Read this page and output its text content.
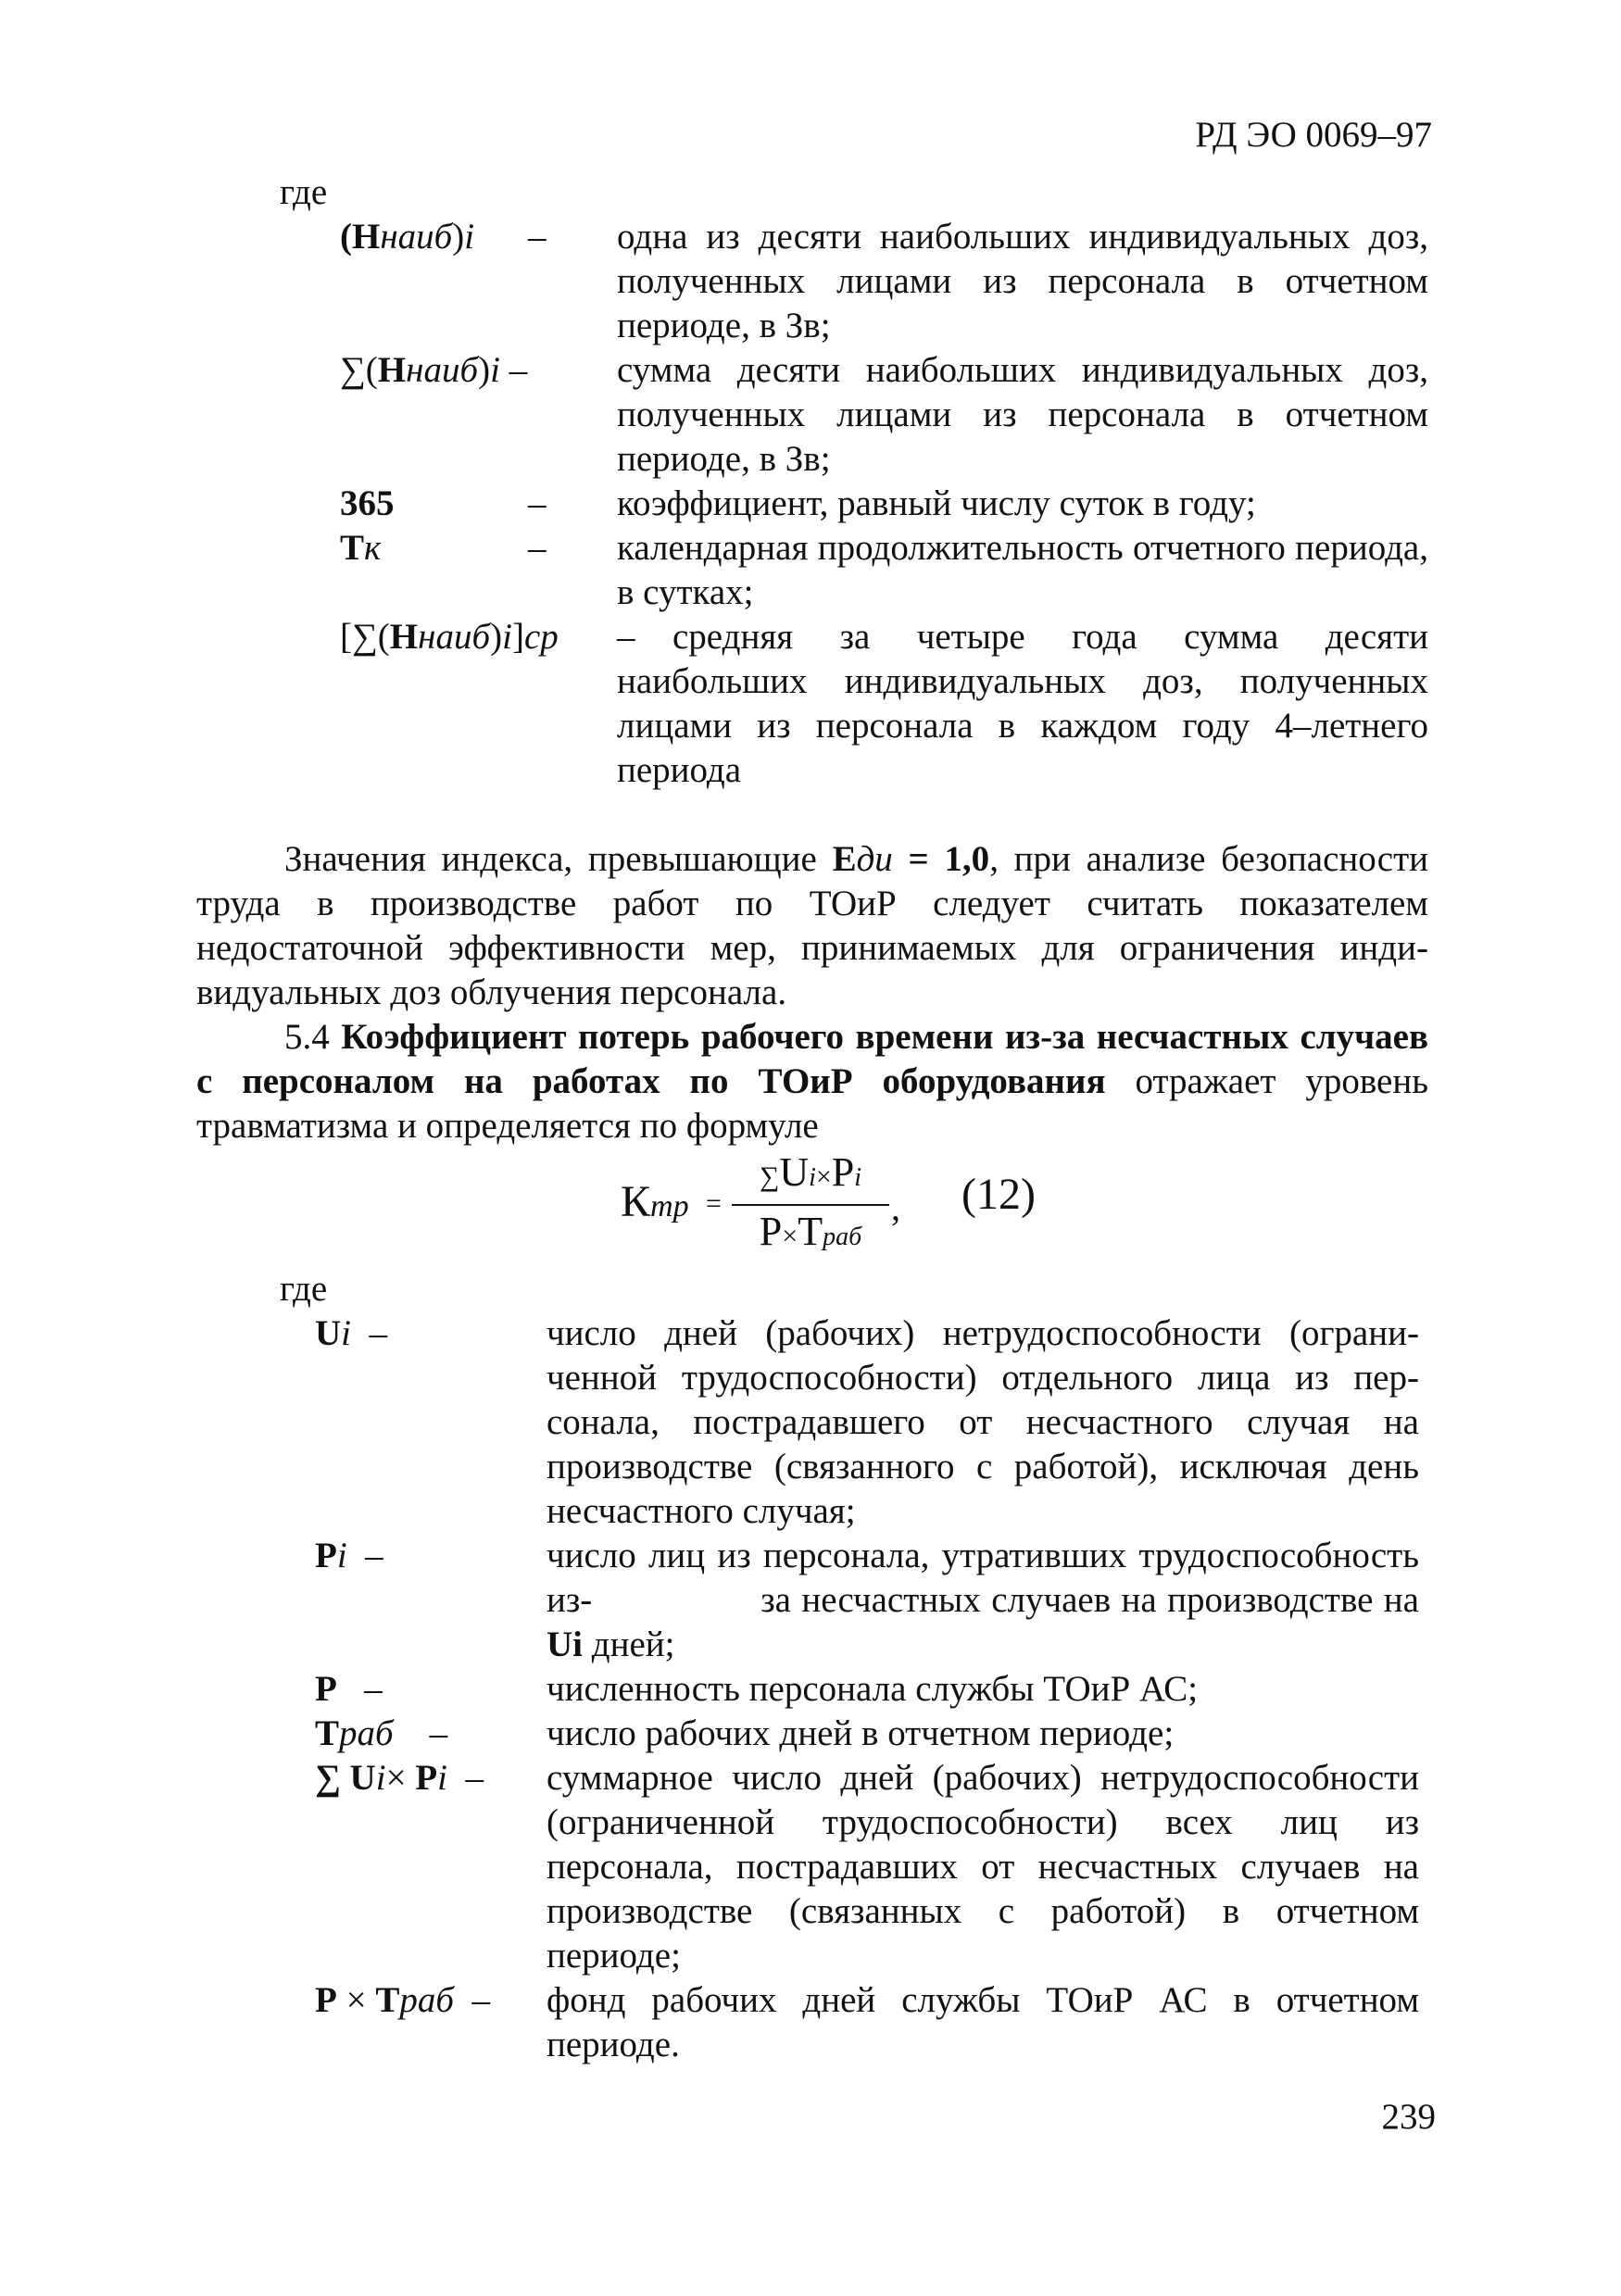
РД ЭО 0069–97
где
(Ннаиб)i – одна из десяти наибольших индивидуальных доз, полученных лицами из персонала в отчетном периоде, в Зв;
∑(Ннаиб)i – сумма десяти наибольших индивидуальных доз, полученных лицами из персонала в отчетном периоде, в Зв;
365	– коэффициент, равный числу суток в году;
Тк	– календарная продолжительность отчетного периода, в сутках;
[∑(Ннаиб)i]ср –	средняя за четыре года сумма десяти наибольших индивидуальных доз, полученных лицами из персонала в каждом году 4–летнего периода

Значения индекса, превышающие Еди = 1,0, при анализе безопасности труда в производстве работ по ТОиР следует считать показателем недостаточной эффективности мер, принимаемых для ограничения индивидуальных доз облучения персонала.

5.4 Коэффициент потерь рабочего времени из-за несчастных случаев с персоналом на работах по ТОиР оборудования отражает уровень травматизма и определяется по формуле

Ктр =
∑Ui×Pi
P×Tраб
, (12)
где
Ui  –	число дней (рабочих) нетрудоспособности (ограниченной трудоспособности) отдельного лица из персонала, пострадавшего от несчастного случая на производстве (связанного с работой), исключая день несчастного случая;
Pi  –	число лиц из персонала, утративших трудоспособность из-                за несчастных случаев на производстве на Ui дней;
Р   –	численность персонала службы ТОиР АС;
Траб    –	число рабочих дней в отчетном периоде;
∑ Ui× Pi  – суммарное число дней (рабочих) нетрудоспособности (ограниченной трудоспособности) всех лиц из персонала, пострадавших от несчастных случаев на производстве (связанных с работой) в отчетном периоде;
Р × Траб  – фонд рабочих дней службы ТОиР АС в отчетном периоде.
239
